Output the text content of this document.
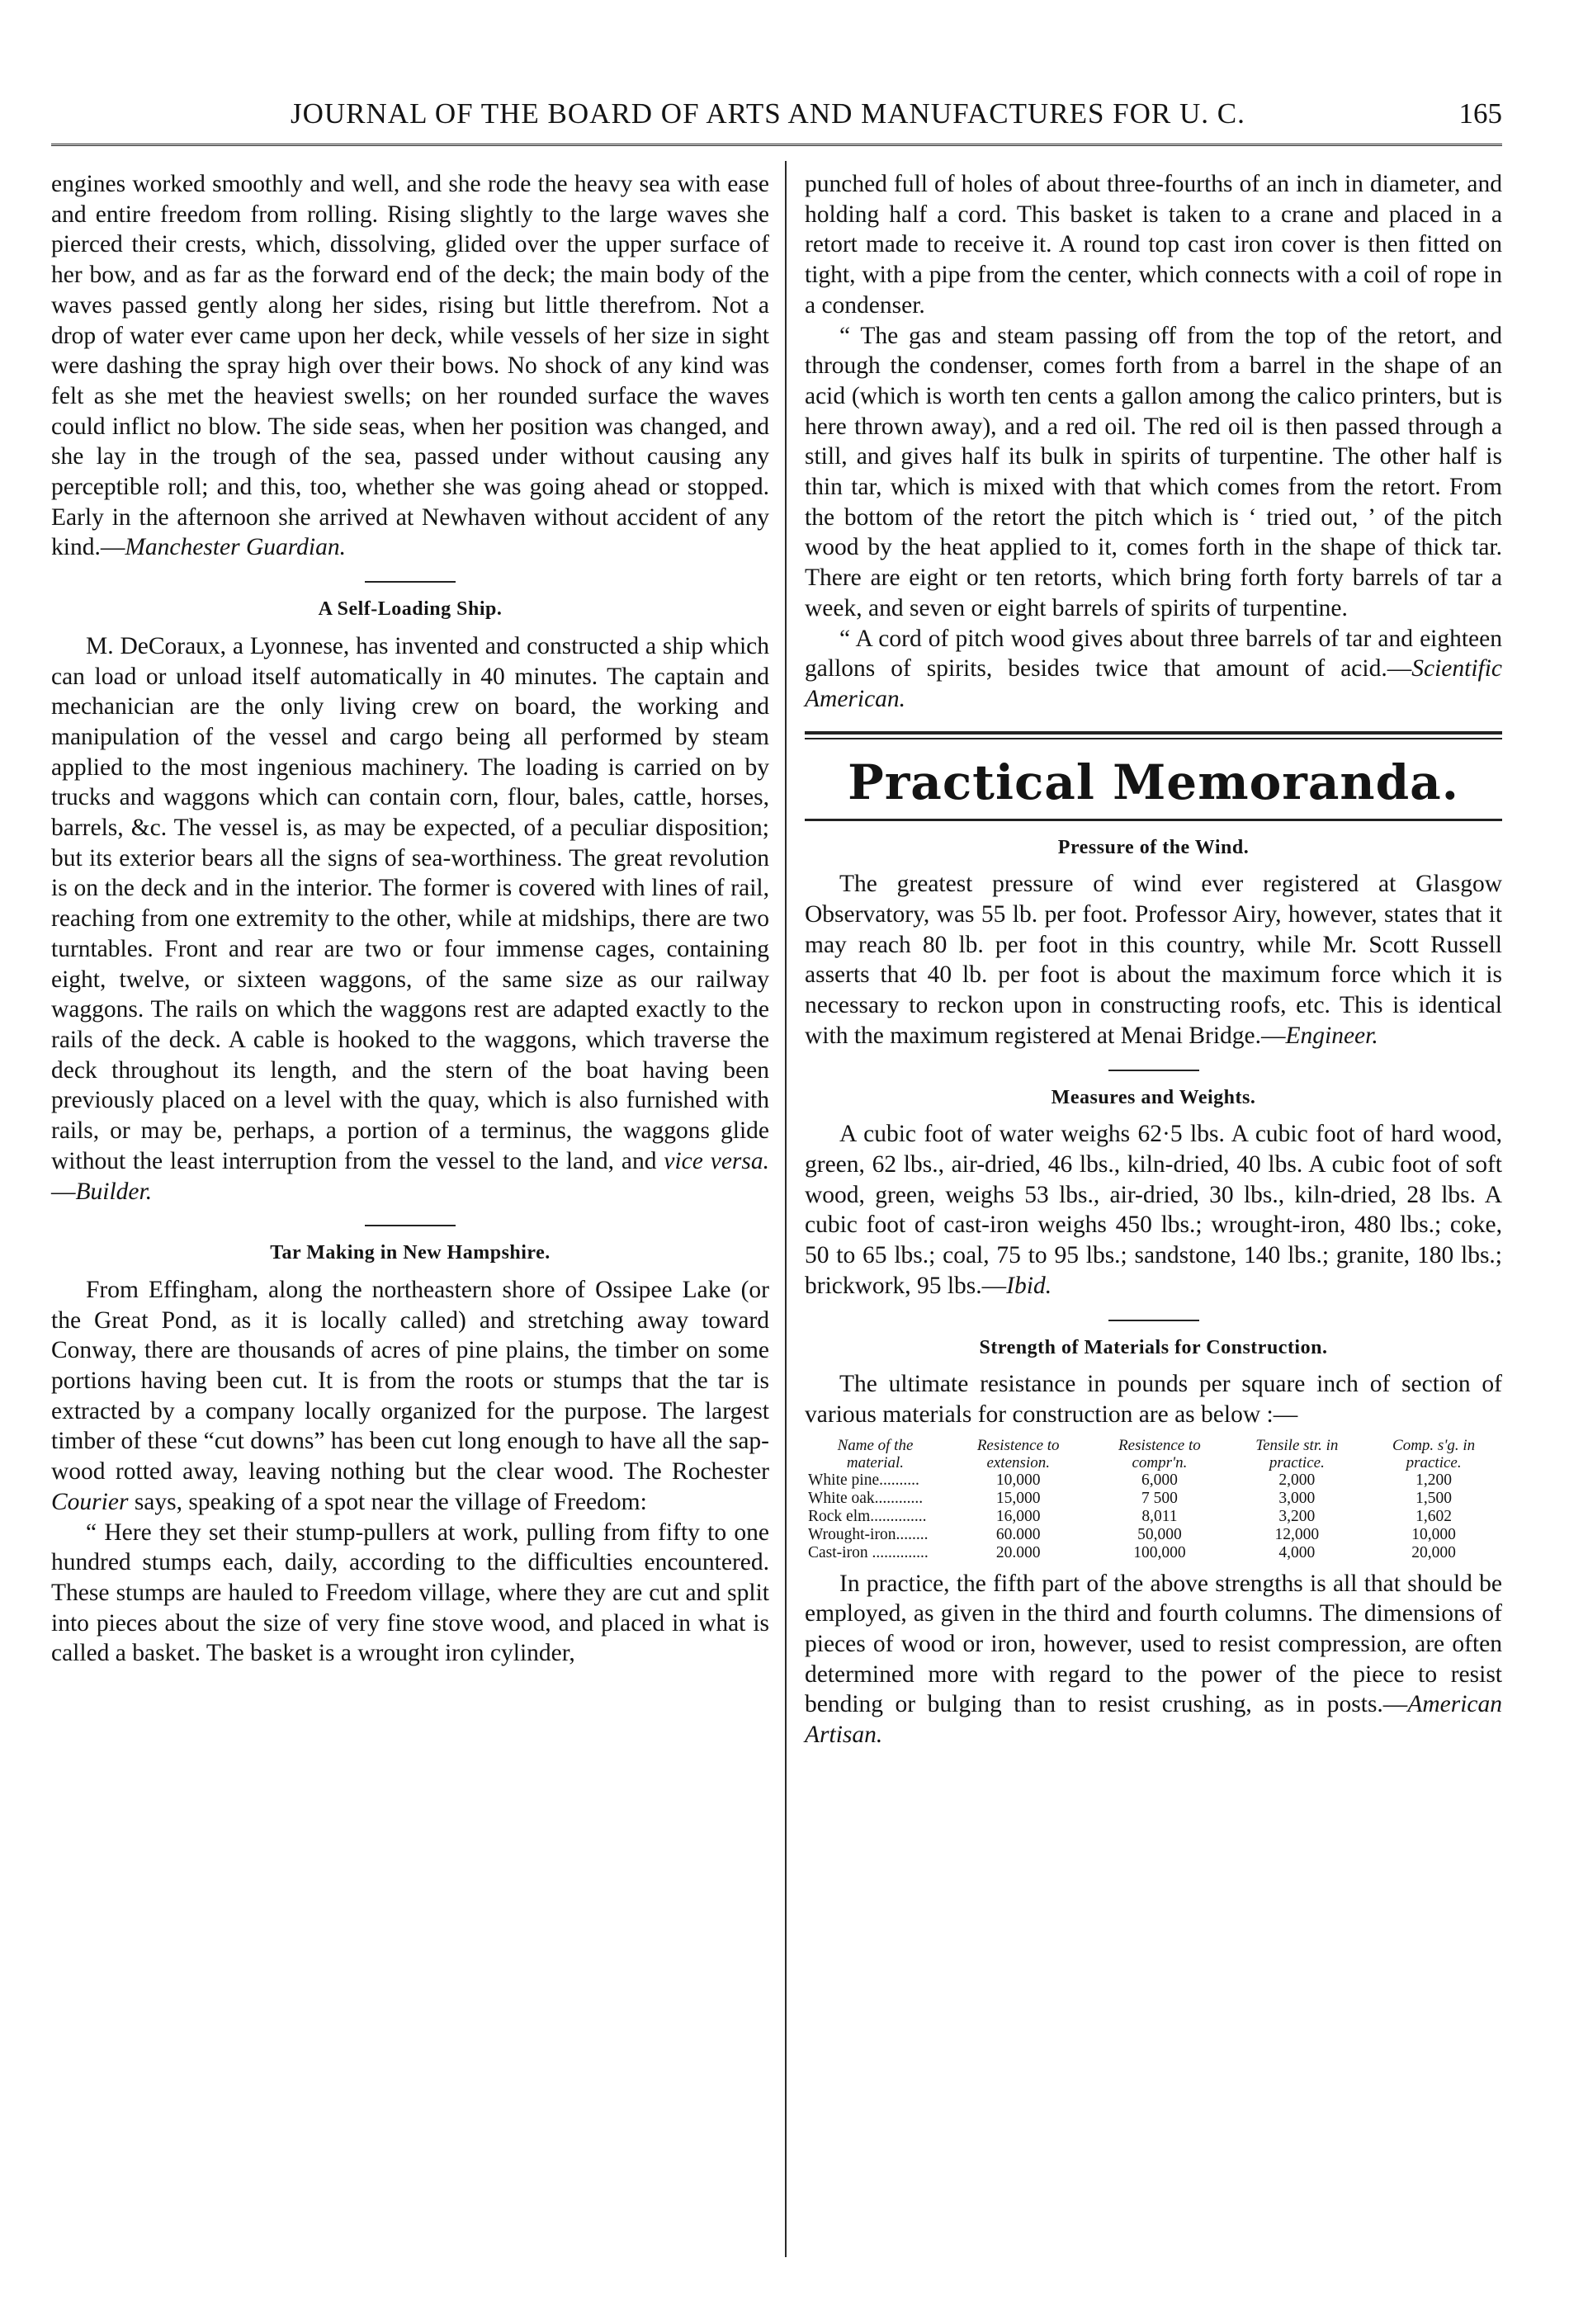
JOURNAL OF THE BOARD OF ARTS AND MANUFACTURES FOR U. C.	165

engines worked smoothly and well, and she rode the heavy sea with ease and entire freedom from rolling. Rising slightly to the large waves she pierced their crests, which, dissolving, glided over the upper surface of her bow, and as far as the forward end of the deck; the main body of the waves passed gently along her sides, rising but little therefrom. Not a drop of water ever came upon her deck, while vessels of her size in sight were dashing the spray high over their bows. No shock of any kind was felt as she met the heaviest swells; on her rounded surface the waves could inflict no blow. The side seas, when her position was changed, and she lay in the trough of the sea, passed under without causing any perceptible roll; and this, too, whether she was going ahead or stopped. Early in the afternoon she arrived at Newhaven without accident of any kind.—Manchester Guardian.

A Self-Loading Ship.

M. DeCoraux, a Lyonnese, has invented and constructed a ship which can load or unload itself automatically in 40 minutes. The captain and mechanician are the only living crew on board, the working and manipulation of the vessel and cargo being all performed by steam applied to the most ingenious machinery. The loading is carried on by trucks and waggons which can contain corn, flour, bales, cattle, horses, barrels, &c. The vessel is, as may be expected, of a peculiar disposition; but its exterior bears all the signs of sea-worthiness. The great revolution is on the deck and in the interior. The former is covered with lines of rail, reaching from one extremity to the other, while at midships, there are two turntables. Front and rear are two or four immense cages, containing eight, twelve, or sixteen waggons, of the same size as our railway waggons. The rails on which the waggons rest are adapted exactly to the rails of the deck. A cable is hooked to the waggons, which traverse the deck throughout its length, and the stern of the boat having been previously placed on a level with the quay, which is also furnished with rails, or may be, perhaps, a portion of a terminus, the waggons glide without the least interruption from the vessel to the land, and vice versa.—Builder.

Tar Making in New Hampshire.

From Effingham, along the northeastern shore of Ossipee Lake (or the Great Pond, as it is locally called) and stretching away toward Conway, there are thousands of acres of pine plains, the timber on some portions having been cut. It is from the roots or stumps that the tar is extracted by a company locally organized for the purpose. The largest timber of these “cut downs” has been cut long enough to have all the sap-wood rotted away, leaving nothing but the clear wood. The Rochester Courier says, speaking of a spot near the village of Freedom:

“ Here they set their stump-pullers at work, pulling from fifty to one hundred stumps each, daily, according to the difficulties encountered. These stumps are hauled to Freedom village, where they are cut and split into pieces about the size of very fine stove wood, and placed in what is called a basket. The basket is a wrought iron cylinder,

punched full of holes of about three-fourths of an inch in diameter, and holding half a cord. This basket is taken to a crane and placed in a retort made to receive it. A round top cast iron cover is then fitted on tight, with a pipe from the center, which connects with a coil of rope in a condenser.

“ The gas and steam passing off from the top of the retort, and through the condenser, comes forth from a barrel in the shape of an acid (which is worth ten cents a gallon among the calico printers, but is here thrown away), and a red oil. The red oil is then passed through a still, and gives half its bulk in spirits of turpentine. The other half is thin tar, which is mixed with that which comes from the retort. From the bottom of the retort the pitch which is ‘ tried out, ’ of the pitch wood by the heat applied to it, comes forth in the shape of thick tar. There are eight or ten retorts, which bring forth forty barrels of tar a week, and seven or eight barrels of spirits of turpentine.

“ A cord of pitch wood gives about three barrels of tar and eighteen gallons of spirits, besides twice that amount of acid.—Scientific American.

Practical Memoranda.
Pressure of the Wind.

The greatest pressure of wind ever registered at Glasgow Observatory, was 55 lb. per foot. Professor Airy, however, states that it may reach 80 lb. per foot in this country, while Mr. Scott Russell asserts that 40 lb. per foot is about the maximum force which it is necessary to reckon upon in constructing roofs, etc. This is identical with the maximum registered at Menai Bridge.—Engineer.

Measures and Weights.

A cubic foot of water weighs 62·5 lbs. A cubic foot of hard wood, green, 62 lbs., air-dried, 46 lbs., kiln-dried, 40 lbs. A cubic foot of soft wood, green, weighs 53 lbs., air-dried, 30 lbs., kiln-dried, 28 lbs. A cubic foot of cast-iron weighs 450 lbs.; wrought-iron, 480 lbs.; coke, 50 to 65 lbs.; coal, 75 to 95 lbs.; sandstone, 140 lbs.; granite, 180 lbs.; brickwork, 95 lbs.—Ibid.

Strength of Materials for Construction.

The ultimate resistance in pounds per square inch of section of various materials for construction are as below :—

Name of the material.	Resistence to extension.	Resistence to compr'n.	Tensile str. in practice.	Comp. s'g. in practice.
White pine..........	10,000	6,000	2,000	1,200
White oak............	15,000	7 500	3,000	1,500
Rock elm..............	16,000	8,011	3,200	1,602
Wrought-iron........	60.000	50,000	12,000	10,000
Cast-iron ..............	20.000	100,000	4,000	20,000

In practice, the fifth part of the above strengths is all that should be employed, as given in the third and fourth columns. The dimensions of pieces of wood or iron, however, used to resist compression, are often determined more with regard to the power of the piece to resist bending or bulging than to resist crushing, as in posts.—American Artisan.
